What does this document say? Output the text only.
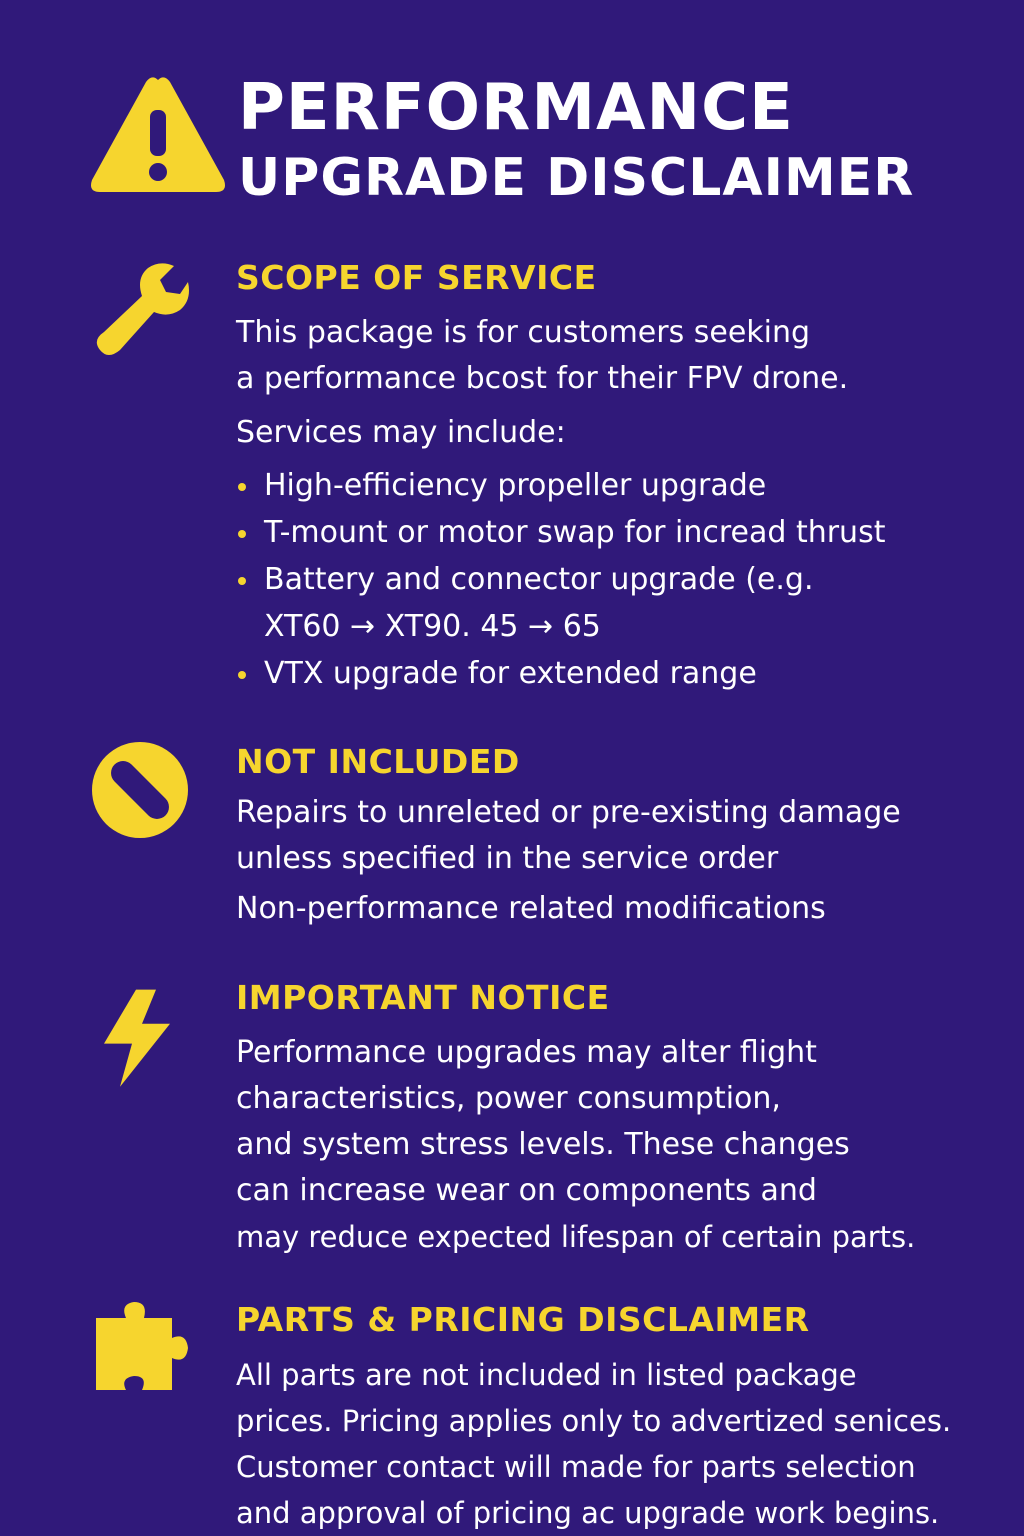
PERFORMANCE
UPGRADE DISCLAIMER
SCOPE OF SERVICE

This package is for customers seeking

a performance bcost for their FPV drone.

Services may include:

High-efficiency propeller upgrade
T-mount or motor swap for incread thrust
Battery and connector upgrade (e.g.
XT60 → XT90. 45 → 65
VTX upgrade for extended range
NOT INCLUDED

Repairs to unreleted or pre-existing damage

unless specified in the service order

Non-performance related modifications

IMPORTANT NOTICE

Performance upgrades may alter flight

characteristics, power consumption,

and system stress levels. These changes

can increase wear on components and

may reduce expected lifespan of certain parts.

PARTS & PRICING DISCLAIMER

All parts are not included in listed package

prices. Pricing applies only to advertized senices.

Customer contact will made for parts selection

and approval of pricing ac upgrade work begins.
